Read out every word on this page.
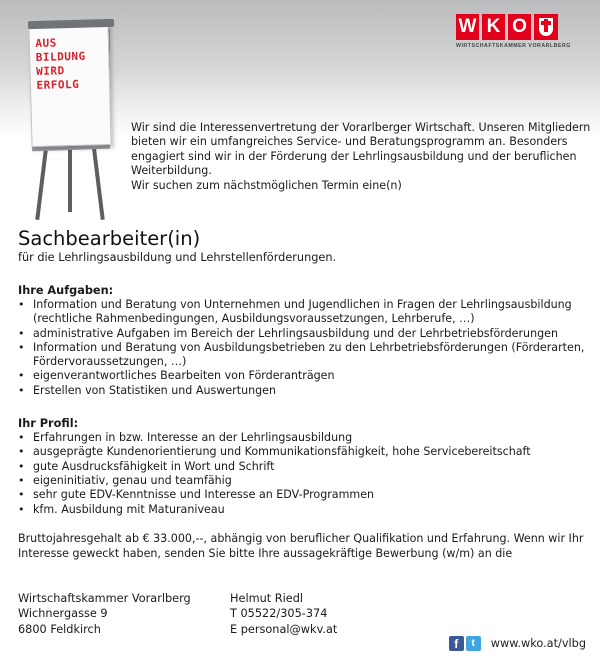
AUS
BILDUNG
WIRD
ERFOLG
W K O
WIRTSCHAFTSKAMMER VORARLBERG

Wir sind die Interessenvertretung der Vorarlberger Wirtschaft. Unseren Mitgliedern bieten wir ein umfangreiches Service- und Beratungsprogramm an. Besonders engagiert sind wir in der Förderung der Lehrlingsausbildung und der beruflichen Weiterbildung.

Wir suchen zum nächstmöglichen Termin eine(n)

Sachbearbeiter(in)
für die Lehrlingsausbildung und Lehrstellenförderungen.
Ihre Aufgaben:
• Information und Beratung von Unternehmen und Jugendlichen in Fragen der Lehrlingsausbildung (rechtliche Rahmenbedingungen, Ausbildungsvoraussetzungen, Lehrberufe, …)
• administrative Aufgaben im Bereich der Lehrlingsausbildung und der Lehrbetriebsförderungen
• Information und Beratung von Ausbildungsbetrieben zu den Lehrbetriebsförderungen (Förderarten, Fördervoraussetzungen, …)
• eigenverantwortliches Bearbeiten von Förderanträgen
• Erstellen von Statistiken und Auswertungen
Ihr Profil:
• Erfahrungen in bzw. Interesse an der Lehrlingsausbildung
• ausgeprägte Kundenorientierung und Kommunikationsfähigkeit, hohe Servicebereitschaft
• gute Ausdrucksfähigkeit in Wort und Schrift
• eigeninitiativ, genau und teamfähig
• sehr gute EDV-Kenntnisse und Interesse an EDV-Programmen
• kfm. Ausbildung mit Maturaniveau
Bruttojahresgehalt ab € 33.000,--, abhängig von beruflicher Qualifikation und Erfahrung. Wenn wir Ihr Interesse geweckt haben, senden Sie bitte Ihre aussagekräftige Bewerbung (w/m) an die
Wirtschaftskammer Vorarlberg
Wichnergasse 9
6800 Feldkirch
Helmut Riedl
T 05522/305-374
E personal@wkv.at
f	t	www.wko.at/vlbg
